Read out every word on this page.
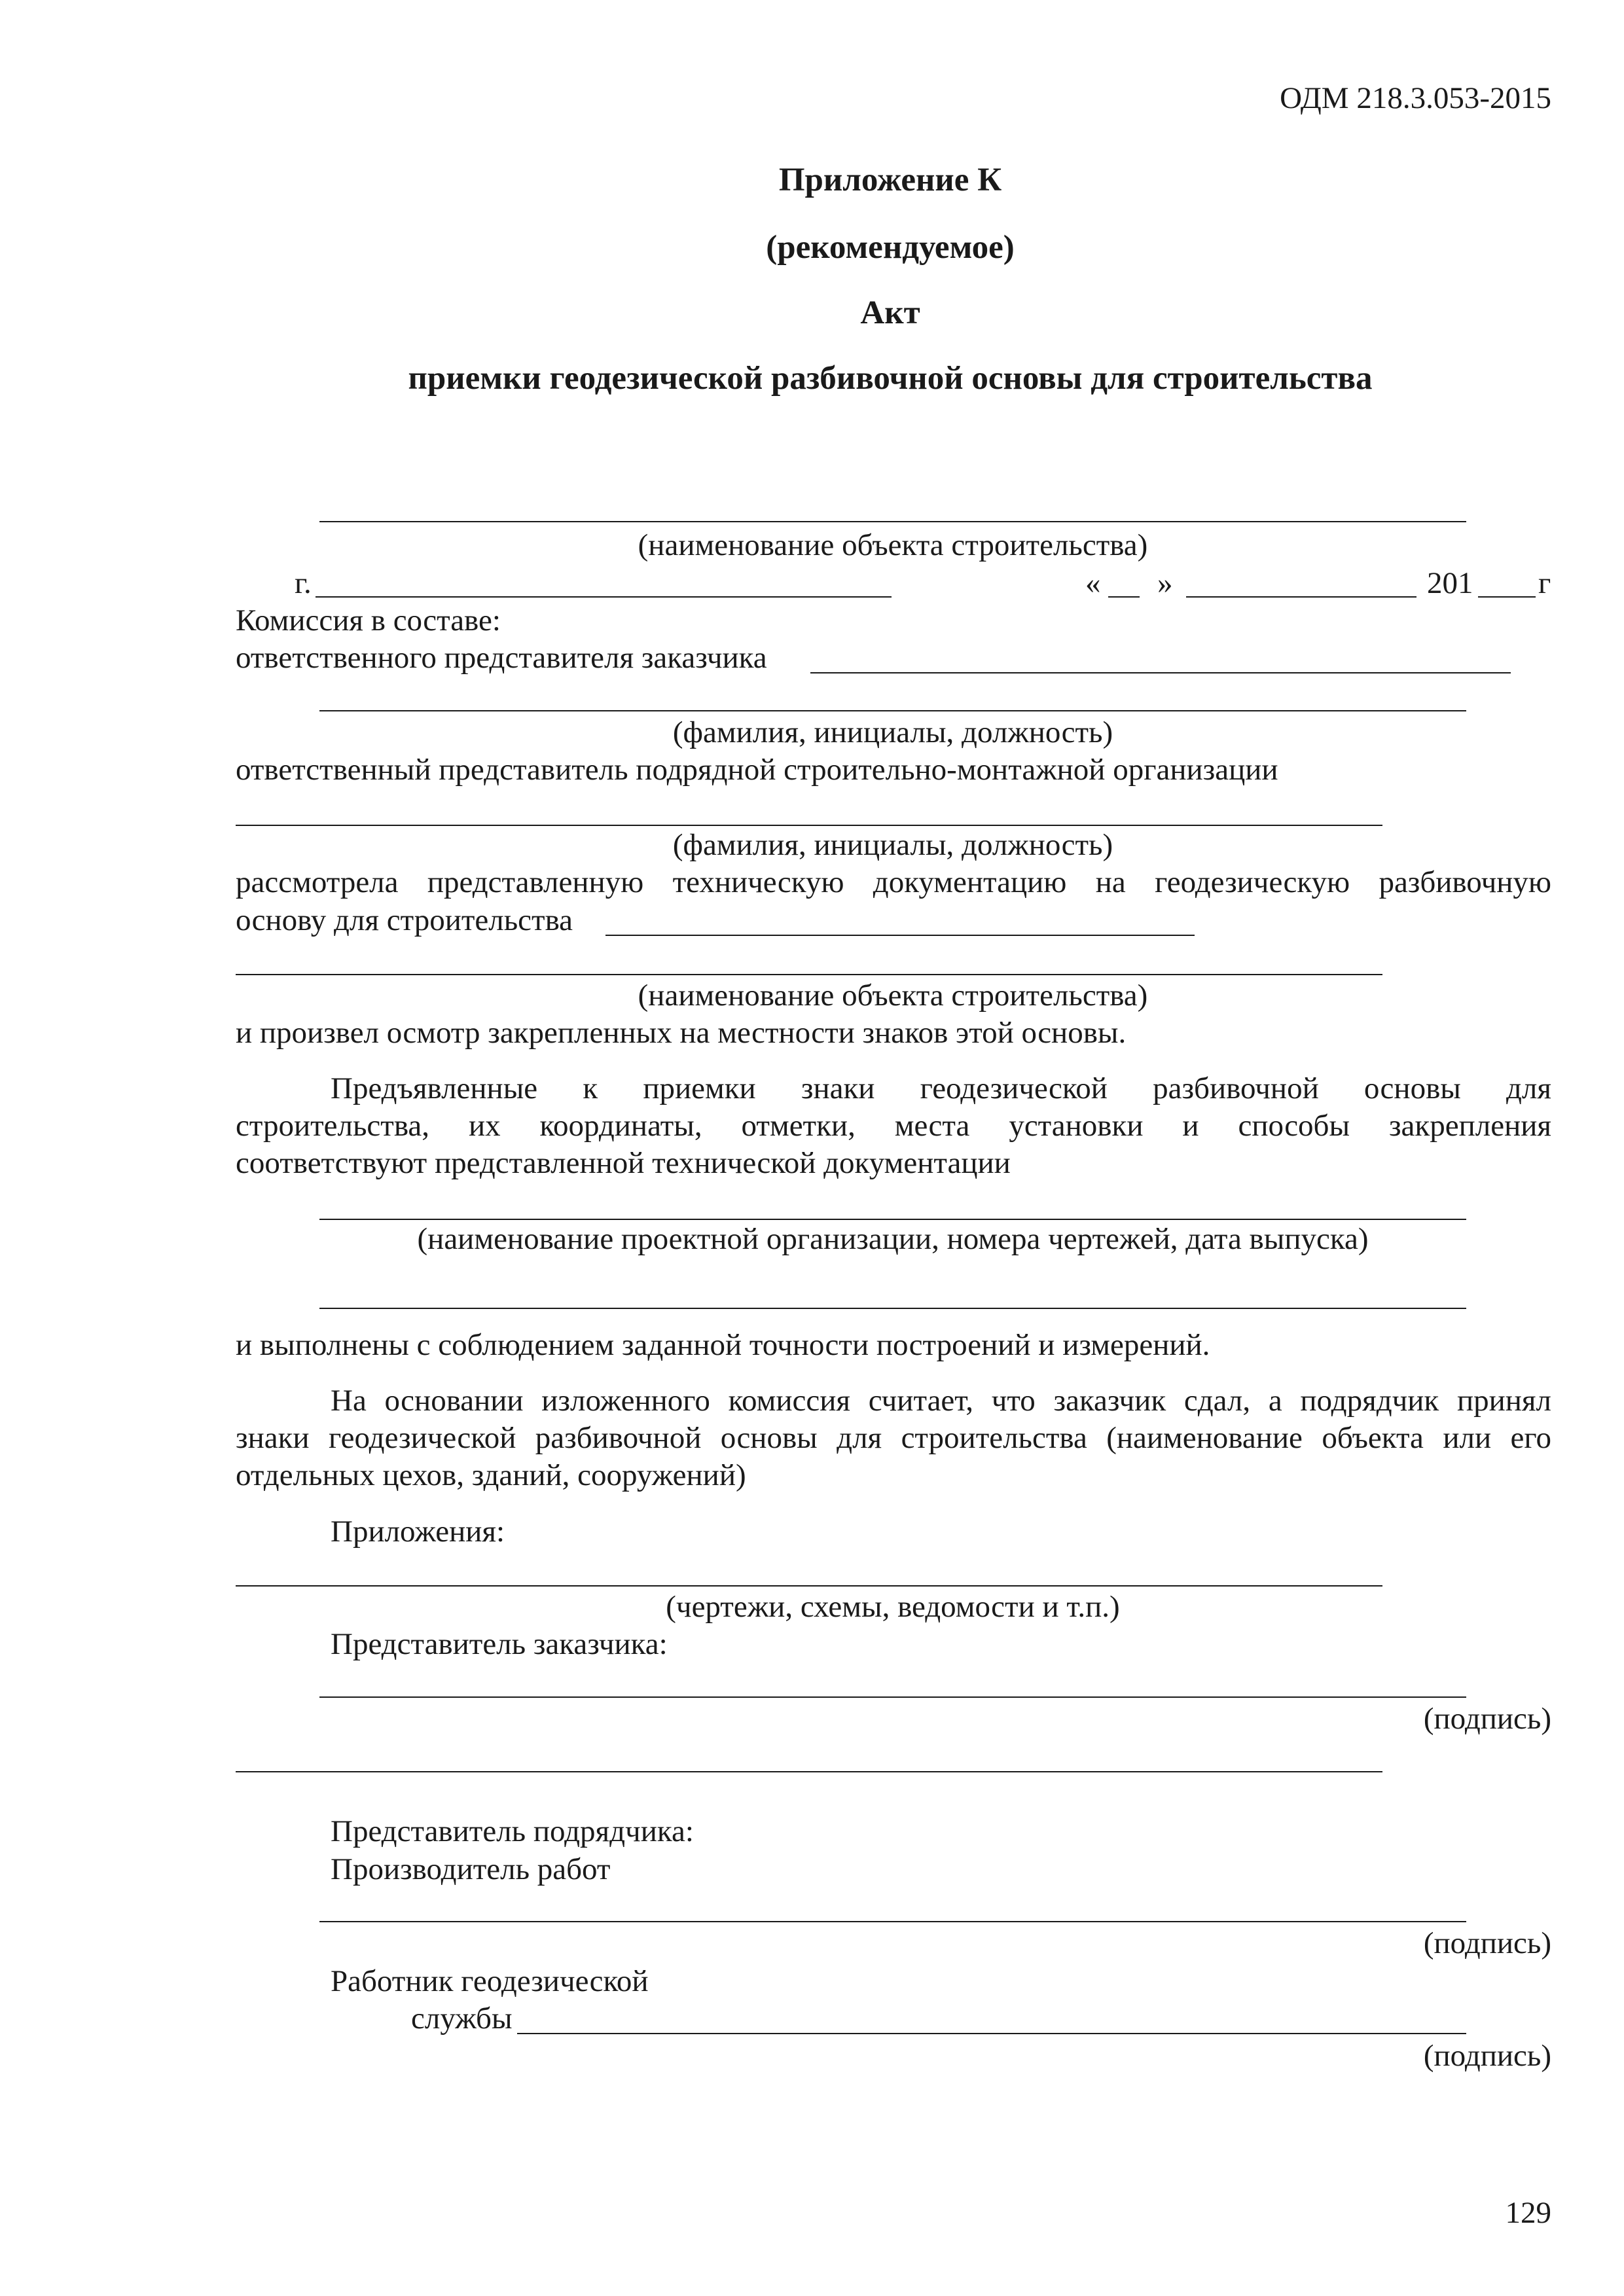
ОДМ 218.3.053-2015
Приложение К
(рекомендуемое)
Акт
приемки геодезической разбивочной основы для строительства
(наименование объекта строительства)
г.	« »	201 г
Комиссия в составе:
ответственного представителя заказчика
(фамилия, инициалы, должность)
ответственный представитель подрядной строительно-монтажной организации
(фамилия, инициалы, должность)
рассмотрела представленную техническую документацию на геодезическую разбивочную
основу для строительства
(наименование объекта строительства)
и произвел осмотр закрепленных на местности знаков этой основы.
Предъявленные к приемки знаки геодезической разбивочной основы для
строительства, их координаты, отметки, места установки и способы закрепления
соответствуют представленной технической документации
(наименование проектной организации, номера чертежей, дата выпуска)
и выполнены с соблюдением заданной точности построений и измерений.
На основании изложенного комиссия считает, что заказчик сдал, а подрядчик принял
знаки геодезической разбивочной основы для строительства (наименование объекта или его
отдельных цехов, зданий, сооружений)
Приложения:
(чертежи, схемы, ведомости и т.п.)
Представитель заказчика:
(подпись)
Представитель подрядчика:
Производитель работ
(подпись)
Работник геодезической
службы
(подпись)
129
